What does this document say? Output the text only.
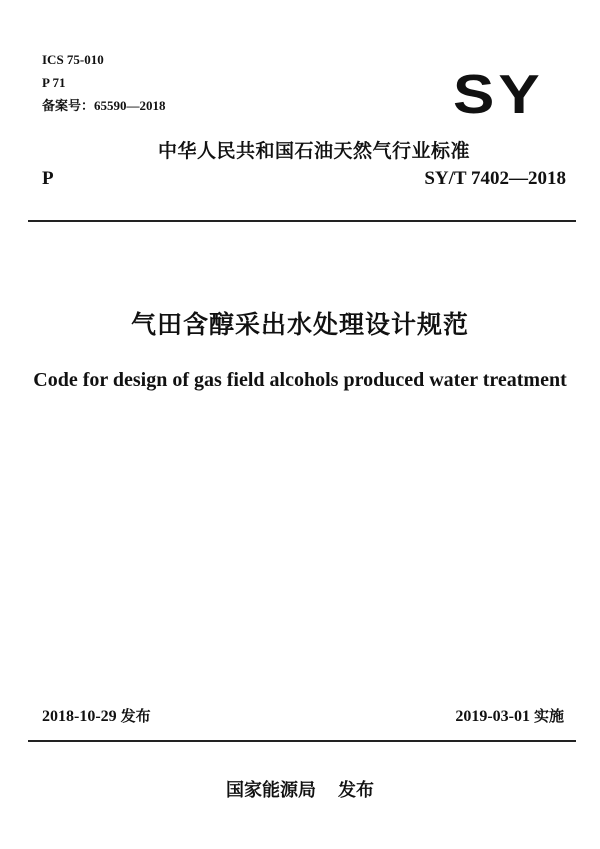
ICS 75-010
P 71
备案号：65590—2018	SY
中华人民共和国石油天然气行业标准
P	SY/T 7402—2018
气田含醇采出水处理设计规范
Code for design of gas field alcohols produced water treatment
2018-10-29 发布	2019-03-01 实施
国家能源局 发布
